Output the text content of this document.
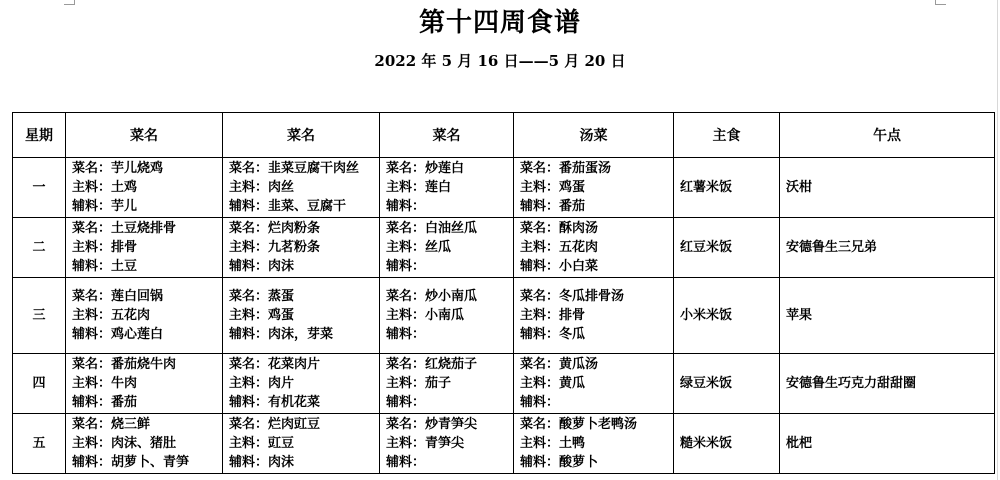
第十四周食谱
2022 年 5 月 16 日——5 月 20 日
星期	菜名	菜名	菜名	汤菜	主食	午点
一	菜名：芋儿烧鸡
主料：土鸡
辅料：芋儿	菜名：韭菜豆腐干肉丝
主料：肉丝
辅料：韭菜、豆腐干	菜名：炒莲白
主料：莲白
辅料：	菜名：番茄蛋汤
主料：鸡蛋
辅料：番茄	红薯米饭	沃柑
二	菜名：土豆烧排骨
主料：排骨
辅料：土豆	菜名：烂肉粉条
主料：九茗粉条
辅料：肉沫	菜名：白油丝瓜
主料：丝瓜
辅料：	菜名：酥肉汤
主料：五花肉
辅料：小白菜	红豆米饭	安德鲁生三兄弟
三	菜名：莲白回锅
主料：五花肉
辅料：鸡心莲白	菜名：蒸蛋
主料：鸡蛋
辅料：肉沫，芽菜	菜名：炒小南瓜
主料：小南瓜
辅料：	菜名：冬瓜排骨汤
主料：排骨
辅料：冬瓜	小米米饭	苹果
四	菜名：番茄烧牛肉
主料：牛肉
辅料：番茄	菜名：花菜肉片
主料：肉片
辅料：有机花菜	菜名：红烧茄子
主料：茄子
辅料：	菜名：黄瓜汤
主料：黄瓜
辅料：	绿豆米饭	安德鲁生巧克力甜甜圈
五	菜名：烧三鲜
主料：肉沫、猪肚
辅料：胡萝卜、青笋	菜名：烂肉豇豆
主料：豇豆
辅料：肉沫	菜名：炒青笋尖
主料：青笋尖
辅料：	菜名：酸萝卜老鸭汤
主料：土鸭
辅料：酸萝卜	糙米米饭	枇杷
